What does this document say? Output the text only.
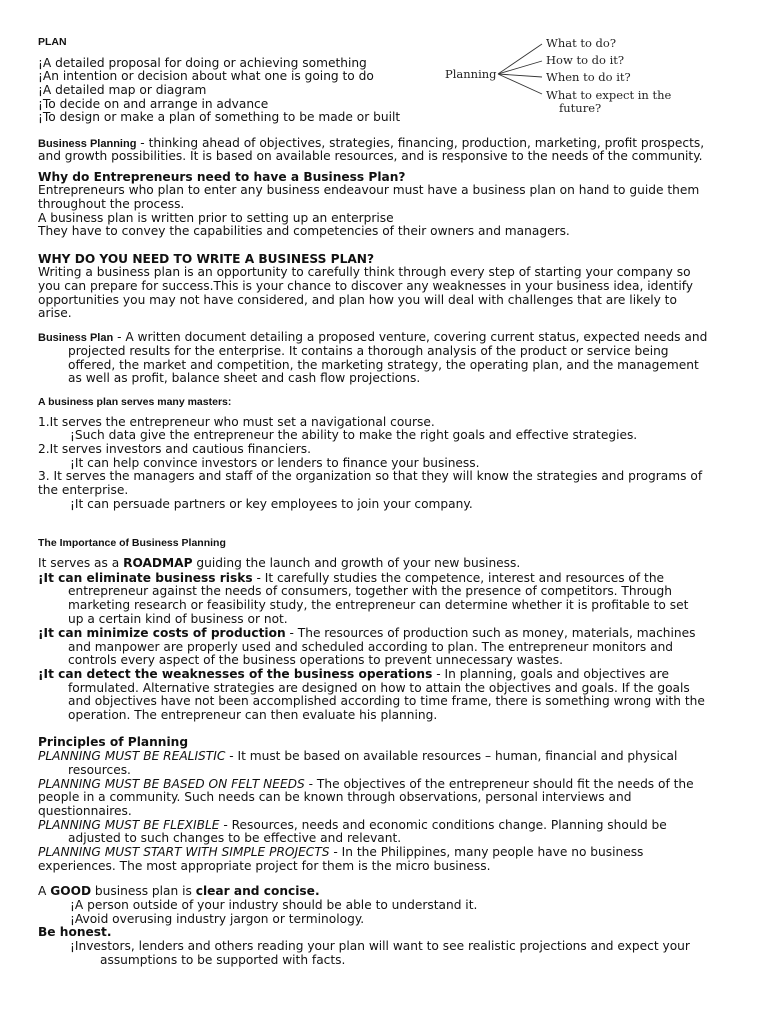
PLAN
¡A detailed proposal for doing or achieving something
¡An intention or decision about what one is going to do
¡A detailed map or diagram
¡To decide on and arrange in advance
¡To design or make a plan of something to be made or built
Planning
What to do?
How to do it?
When to do it?
What to expect in the
future?
Business Planning - thinking ahead of objectives, strategies, financing, production, marketing, profit prospects,
and growth possibilities. It is based on available resources, and is responsive to the needs of the community.
Why do Entrepreneurs need to have a Business Plan?
Entrepreneurs who plan to enter any business endeavour must have a business plan on hand to guide them
throughout the process.
A business plan is written prior to setting up an enterprise
They have to convey the capabilities and competencies of their owners and managers.
WHY DO YOU NEED TO WRITE A BUSINESS PLAN?
Writing a business plan is an opportunity to carefully think through every step of starting your company so
you can prepare for success.This is your chance to discover any weaknesses in your business idea, identify
opportunities you may not have considered, and plan how you will deal with challenges that are likely to
arise.
Business Plan - A written document detailing a proposed venture, covering current status, expected needs and
projected results for the enterprise. It contains a thorough analysis of the product or service being
offered, the market and competition, the marketing strategy, the operating plan, and the management
as well as profit, balance sheet and cash flow projections.
A business plan serves many masters:
1.It serves the entrepreneur who must set a navigational course.
¡Such data give the entrepreneur the ability to make the right goals and effective strategies.
2.It serves investors and cautious financiers.
¡It can help convince investors or lenders to finance your business.
3. It serves the managers and staff of the organization so that they will know the strategies and programs of
the enterprise.
¡It can persuade partners or key employees to join your company.
The Importance of Business Planning
It serves as a ROADMAP guiding the launch and growth of your new business.
¡It can eliminate business risks - It carefully studies the competence, interest and resources of the
entrepreneur against the needs of consumers, together with the presence of competitors. Through
marketing research or feasibility study, the entrepreneur can determine whether it is profitable to set
up a certain kind of business or not.
¡It can minimize costs of production - The resources of production such as money, materials, machines
and manpower are properly used and scheduled according to plan. The entrepreneur monitors and
controls every aspect of the business operations to prevent unnecessary wastes.
¡It can detect the weaknesses of the business operations - In planning, goals and objectives are
formulated. Alternative strategies are designed on how to attain the objectives and goals. If the goals
and objectives have not been accomplished according to time frame, there is something wrong with the
operation. The entrepreneur can then evaluate his planning.
Principles of Planning
PLANNING MUST BE REALISTIC - It must be based on available resources – human, financial and physical
resources.
PLANNING MUST BE BASED ON FELT NEEDS - The objectives of the entrepreneur should fit the needs of the
people in a community. Such needs can be known through observations, personal interviews and
questionnaires.
PLANNING MUST BE FLEXIBLE - Resources, needs and economic conditions change. Planning should be
adjusted to such changes to be effective and relevant.
PLANNING MUST START WITH SIMPLE PROJECTS - In the Philippines, many people have no business
experiences. The most appropriate project for them is the micro business.
A GOOD business plan is clear and concise.
¡A person outside of your industry should be able to understand it.
¡Avoid overusing industry jargon or terminology.
Be honest.
¡Investors, lenders and others reading your plan will want to see realistic projections and expect your
assumptions to be supported with facts.
